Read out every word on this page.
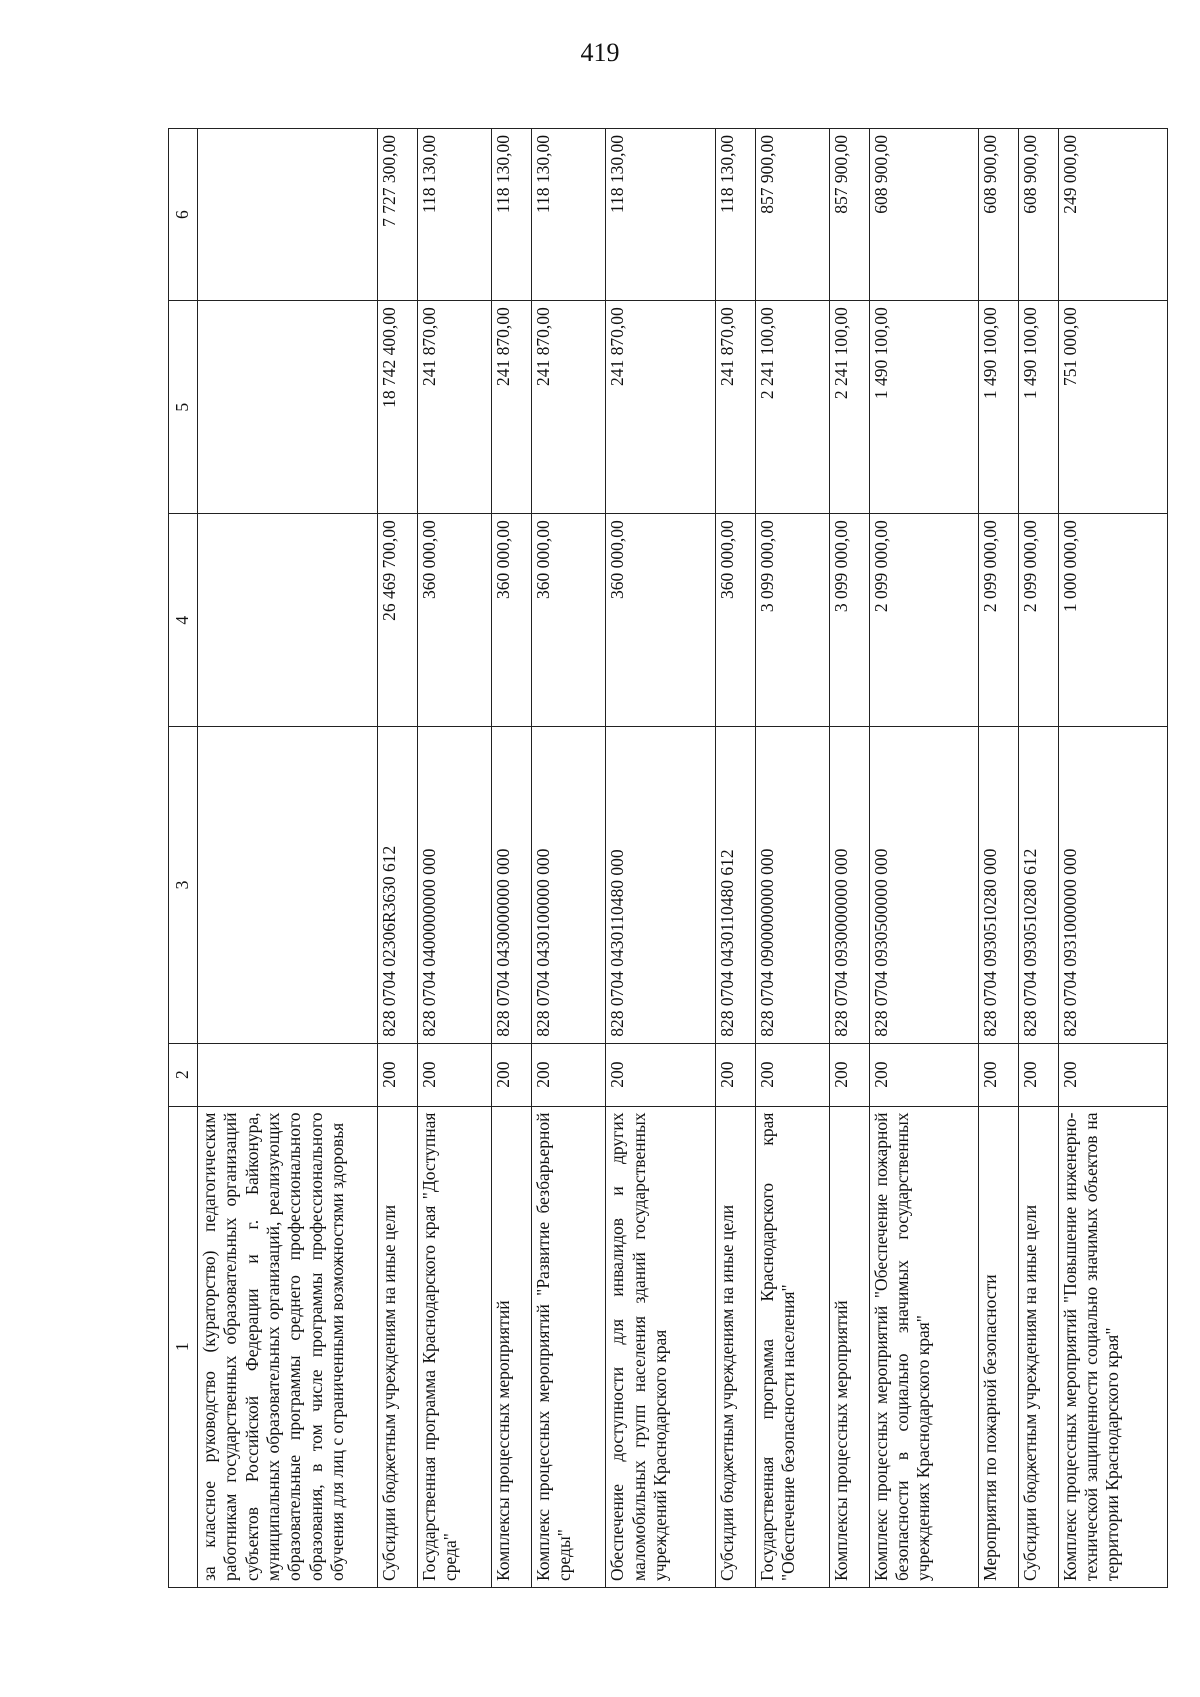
419
1	2	3	4	5	6
за классное руководство (кураторство) педагогическим работникам государственных образовательных организаций субъектов Российской Федерации и г. Байконура, муниципальных образовательных организаций, реализующих образовательные программы среднего профессионального образования, в том числе программы профессионального обучения для лиц с ограниченными возможностями здоровья					
Субсидии бюджетным учреждениям на иные цели	200	828 0704 02306R3630 612	26 469 700,00	18 742 400,00	7 727 300,00
Государственная программа Краснодарского края "Доступная среда"	200	828 0704 0400000000 000	360 000,00	241 870,00	118 130,00
Комплексы процессных мероприятий	200	828 0704 0430000000 000	360 000,00	241 870,00	118 130,00
Комплекс процессных мероприятий "Развитие безбарьерной среды"	200	828 0704 0430100000 000	360 000,00	241 870,00	118 130,00
Обеспечение доступности для инвалидов и других маломобильных групп населения зданий государственных учреждений Краснодарского края	200	828 0704 0430110480 000	360 000,00	241 870,00	118 130,00
Субсидии бюджетным учреждениям на иные цели	200	828 0704 0430110480 612	360 000,00	241 870,00	118 130,00
Государственная программа Краснодарского края "Обеспечение безопасности населения"	200	828 0704 0900000000 000	3 099 000,00	2 241 100,00	857 900,00
Комплексы процессных мероприятий	200	828 0704 0930000000 000	3 099 000,00	2 241 100,00	857 900,00
Комплекс процессных мероприятий "Обеспечение пожарной безопасности в социально значимых государственных учреждениях Краснодарского края"	200	828 0704 0930500000 000	2 099 000,00	1 490 100,00	608 900,00
Мероприятия по пожарной безопасности	200	828 0704 0930510280 000	2 099 000,00	1 490 100,00	608 900,00
Субсидии бюджетным учреждениям на иные цели	200	828 0704 0930510280 612	2 099 000,00	1 490 100,00	608 900,00
Комплекс процессных мероприятий "Повышение инженерно-технической защищенности социально значимых объектов на территории Краснодарского края"	200	828 0704 0931000000 000	1 000 000,00	751 000,00	249 000,00
